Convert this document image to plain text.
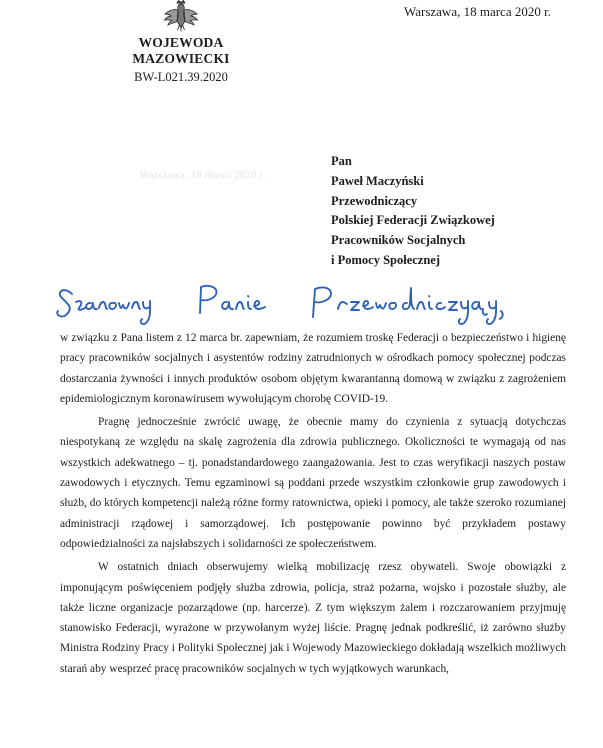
WOJEWODA MAZOWIECKI
BW-L021.39.2020
Warszawa, 18 marca 2020 r.
Warszawa, 18 marca 2020 r.
Pan
Paweł Maczyński
Przewodniczący
Polskiej Federacji Związkowej
Pracowników Socjalnych
i Pomocy Społecznej

w związku z Pana listem z 12 marca br. zapewniam, że rozumiem troskę Federacji o bezpieczeństwo i higienę pracy pracowników socjalnych i asystentów rodziny zatrudnionych w ośrodkach pomocy społecznej podczas dostarczania żywności i innych produktów osobom objętym kwarantanną domową w związku z zagrożeniem epidemiologicznym koronawirusem wywołującym chorobę COVID-19.

Pragnę jednocześnie zwrócić uwagę, że obecnie mamy do czynienia z sytuacją dotychczas niespotykaną ze względu na skalę zagrożenia dla zdrowia publicznego. Okoliczności te wymagają od nas wszystkich adekwatnego – tj. ponadstandardowego zaangażowania. Jest to czas weryfikacji naszych postaw zawodowych i etycznych. Temu egzaminowi są poddani przede wszystkim członkowie grup zawodowych i służb, do których kompetencji należą różne formy ratownictwa, opieki i pomocy, ale także szeroko rozumianej administracji rządowej i samorządowej. Ich postępowanie powinno być przykładem postawy odpowiedzialności za najsłabszych i solidarności ze społeczeństwem.

W ostatnich dniach obserwujemy wielką mobilizację rzesz obywateli. Swoje obowiązki z imponującym poświęceniem podjęły służba zdrowia, policja, straż pożarna, wojsko i pozostałe służby, ale także liczne organizacje pozarządowe (np. harcerze). Z tym większym żalem i rozczarowaniem przyjmuję stanowisko Federacji, wyrażone w przywołanym wyżej liście. Pragnę jednak podkreślić, iż zarówno służby Ministra Rodziny Pracy i Polityki Społecznej jak i Wojewody Mazowieckiego dokładają wszelkich możliwych starań aby wesprzeć pracę pracowników socjalnych w tych wyjątkowych warunkach,
